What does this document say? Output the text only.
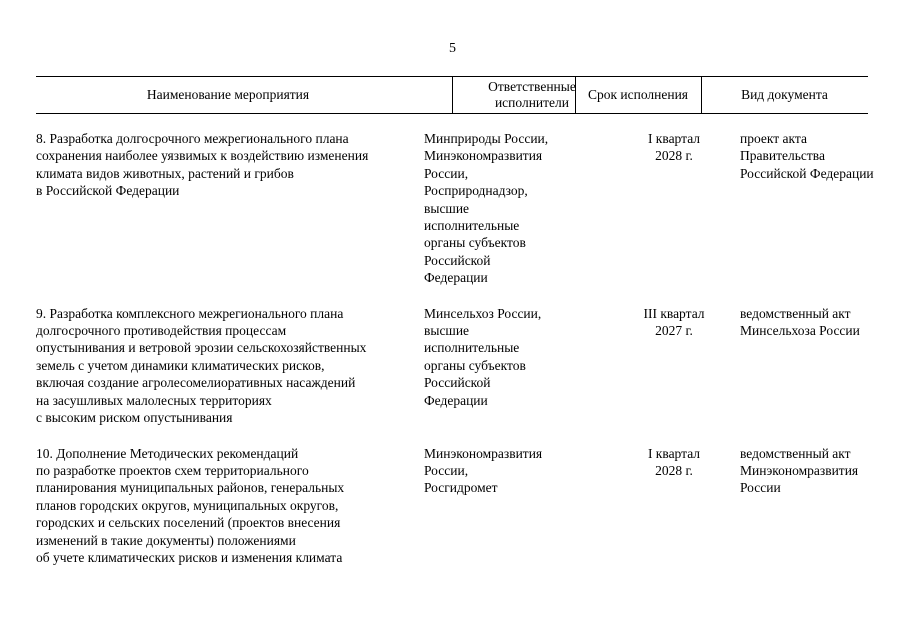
5
Наименование мероприятия
Ответственные
исполнители
Срок исполнения	Вид документа
8. Разработка долгосрочного межрегионального плана
сохранения наиболее уязвимых к воздействию изменения
климата видов животных, растений и грибов
в Российской Федерации
Минприроды России,
Минэкономразвития
России,
Росприроднадзор,
высшие
исполнительные
органы субъектов
Российской
Федерации
I квартал
2028 г.
проект акта
Правительства
Российской Федерации
9. Разработка комплексного межрегионального плана
долгосрочного противодействия процессам
опустынивания и ветровой эрозии сельскохозяйственных
земель с учетом динамики климатических рисков,
включая создание агролесомелиоративных насаждений
на засушливых малолесных территориях
с высоким риском опустынивания
Минсельхоз России,
высшие
исполнительные
органы субъектов
Российской
Федерации
III квартал
2027 г.
ведомственный акт
Минсельхоза России
10. Дополнение Методических рекомендаций
по разработке проектов схем территориального
планирования муниципальных районов, генеральных
планов городских округов, муниципальных округов,
городских и сельских поселений (проектов внесения
изменений в такие документы) положениями
об учете климатических рисков и изменения климата
Минэкономразвития
России,
Росгидромет
I квартал
2028 г.
ведомственный акт
Минэкономразвития
России
